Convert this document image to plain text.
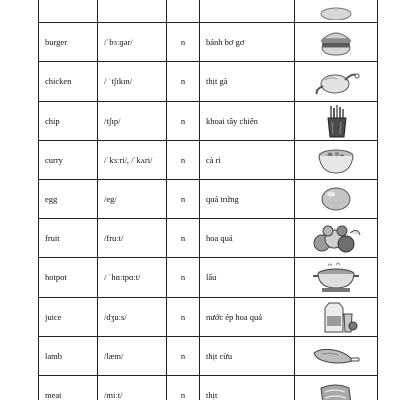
burger	/ˈbɜːɡər/	n	bánh bơ gơ	

chicken	/ ˈtʃɪkɪn/	n	thịt gà	

chip	/tʃɪp/	n	khoai tây chiên	

curry	/ˈkɜːri/, /ˈkʌri/	n	cà ri	

egg	/eg/	n	quả trứng	

fruit	/fruːt/	n	hoa quả	

hotpot	/ ˈhɑːtpɑːt/	n	lẩu	

juice	/dʒuːs/	n	nước ép hoa quả	

lamb	/læm/	n	thịt cừu	

meat	/miːt/	n	thịt	
